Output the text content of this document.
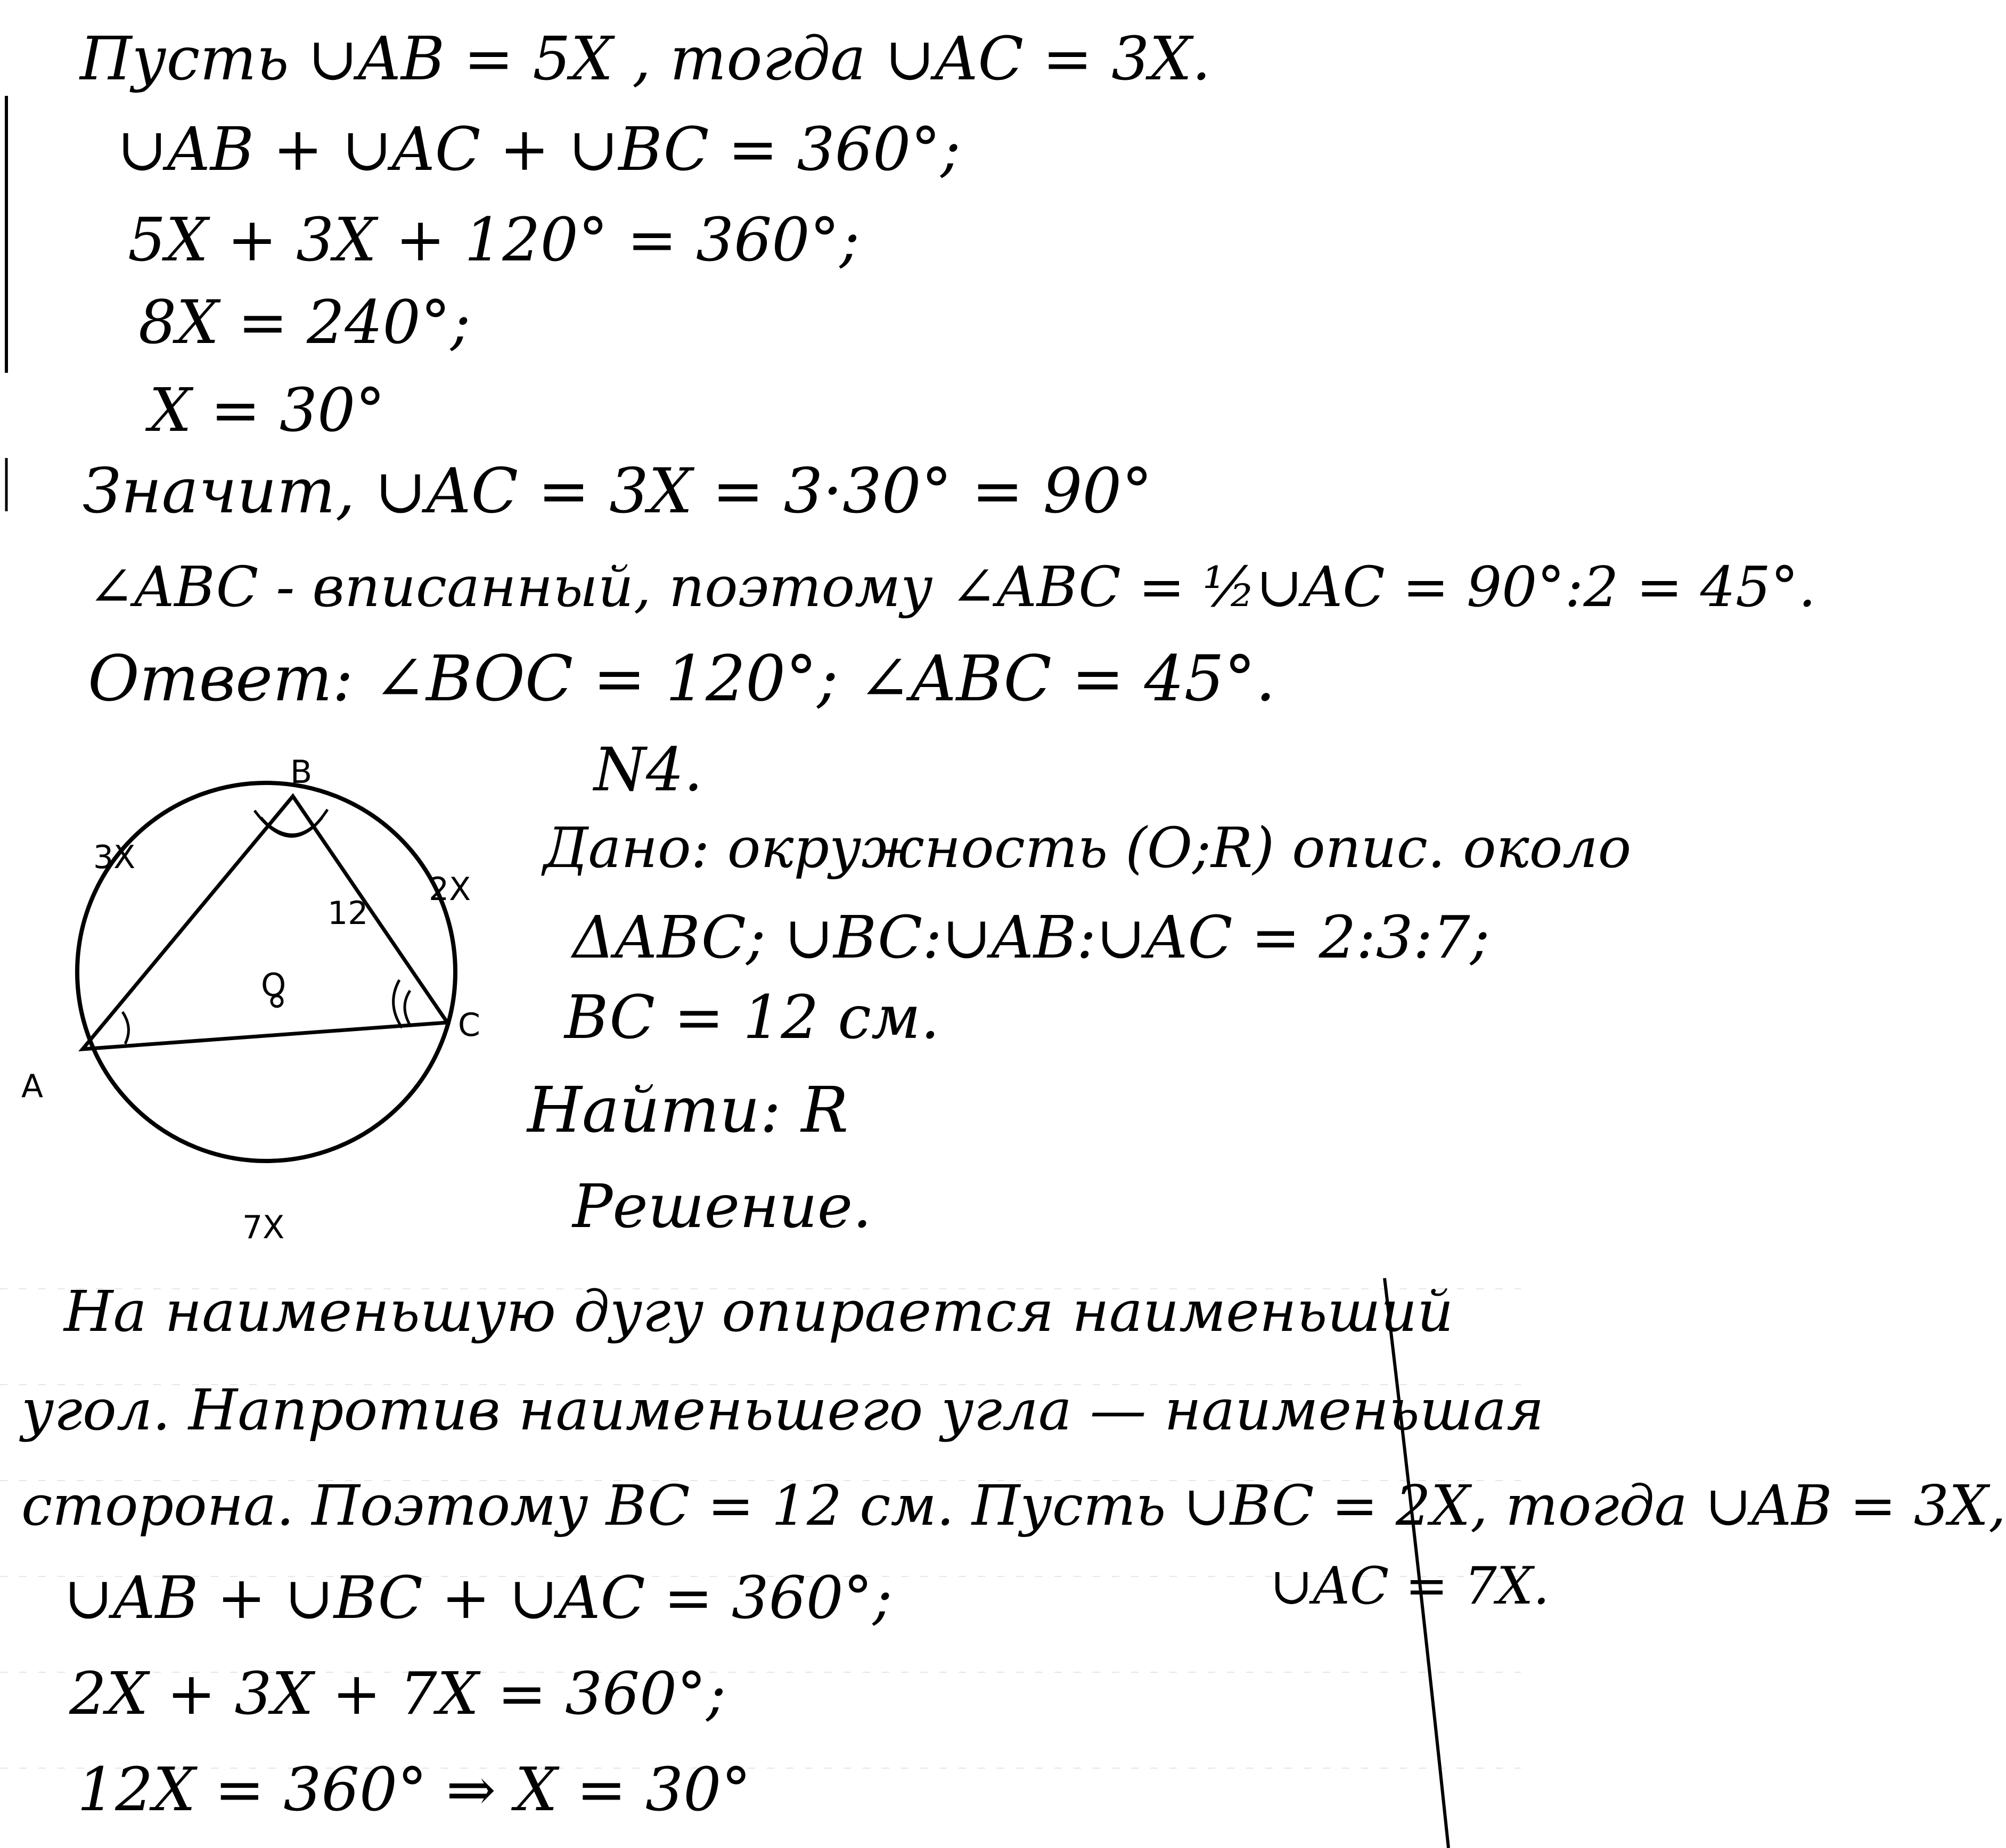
Пусть ∪AB = 5X , тогда ∪AC = 3X.
∪AB + ∪AC + ∪BC = 360°;
5X + 3X + 120° = 360°;
8X = 240°;
X = 30°
Значит, ∪AC = 3X = 3·30° = 90°
∠ABC - вписанный, поэтому ∠ABC = ½∪AC = 90°:2 = 45°.
Ответ: ∠BOC = 120°; ∠ABC = 45°.
N4.
Дано: окружность (O;R) опис. около
ΔABC; ∪BC:∪AB:∪AC = 2:3:7;
BC = 12 см.
Найти: R
Решение.
O
A
B
C
3X
2X
7X
12
На наименьшую дугу опирается наименьший
угол. Напротив наименьшего угла — наименьшая
сторона. Поэтому BC = 12 см. Пусть ∪BC = 2X, тогда ∪AB = 3X,
∪AC = 7X.
∪AB + ∪BC + ∪AC = 360°;
2X + 3X + 7X = 360°;
12X = 360° ⇒ X = 30°
